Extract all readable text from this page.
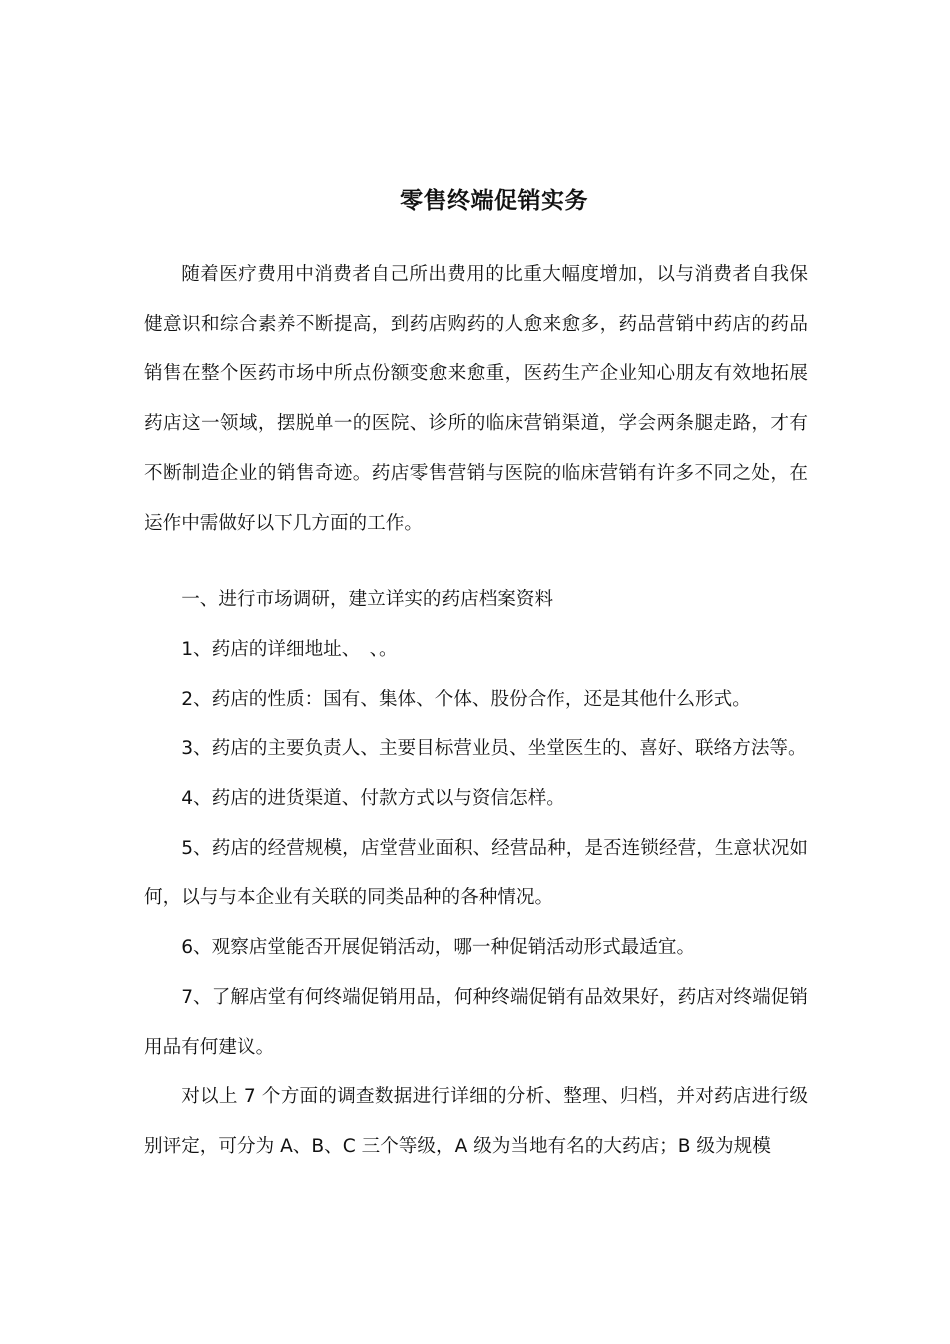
零售终端促销实务

随着医疗费用中消费者自己所出费用的比重大幅度增加，以与消费者自我保健意识和综合素养不断提高，到药店购药的人愈来愈多，药品营销中药店的药品销售在整个医药市场中所点份额变愈来愈重，医药生产企业知心朋友有效地拓展药店这一领域，摆脱单一的医院、诊所的临床营销渠道，学会两条腿走路，才有不断制造企业的销售奇迹。药店零售营销与医院的临床营销有许多不同之处，在运作中需做好以下几方面的工作。

一、进行市场调研，建立详实的药店档案资料

1、药店的详细地址、　、。

2、药店的性质：国有、集体、个体、股份合作，还是其他什么形式。

3、药店的主要负责人、主要目标营业员、坐堂医生的、喜好、联络方法等。

4、药店的进货渠道、付款方式以与资信怎样。

5、药店的经营规模，店堂营业面积、经营品种，是否连锁经营，生意状况如何，以与与本企业有关联的同类品种的各种情况。

6、观察店堂能否开展促销活动，哪一种促销活动形式最适宜。

7、了解店堂有何终端促销用品，何种终端促销有品效果好，药店对终端促销用品有何建议。

对以上 7 个方面的调查数据进行详细的分析、整理、归档，并对药店进行级别评定，可分为 A、B、C 三个等级，A 级为当地有名的大药店；B 级为规模
